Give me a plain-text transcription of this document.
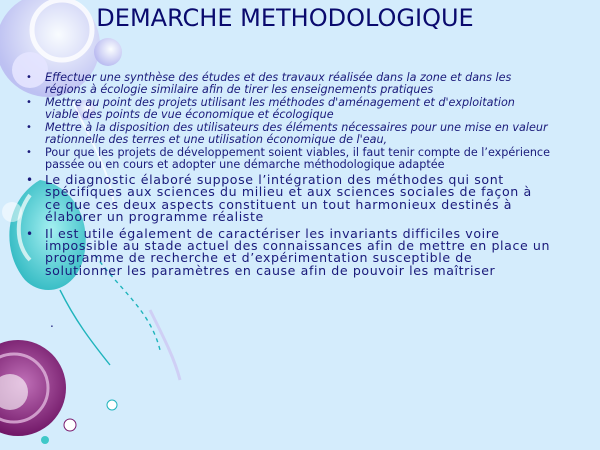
DEMARCHE METHODOLOGIQUE
• Effectuer une synthèse des études et des travaux réalisée dans la zone et dans les régions à écologie similaire afin de tirer les enseignements pratiques
• Mettre au point des projets utilisant les méthodes d'aménagement et d'exploitation viable des points de vue économique et écologique
• Mettre à la disposition des utilisateurs des éléments nécessaires pour une mise en valeur rationnelle des terres et une utilisation économique de l'eau,
• Pour que les projets de développement soient viables, il faut tenir compte de l’expérience passée ou en cours et adopter une démarche méthodologique adaptée
• Le diagnostic élaboré suppose l’intégration des méthodes qui sont spécifiques aux sciences du milieu et aux sciences sociales de façon à ce que ces deux aspects constituent un tout harmonieux destinés à élaborer un programme réaliste
• Il est utile également de caractériser les invariants difficiles voire impossible au stade actuel des connaissances afin de mettre en place un programme de recherche et d’expérimentation susceptible de solutionner les paramètres en cause afin de pouvoir les maîtriser
.
